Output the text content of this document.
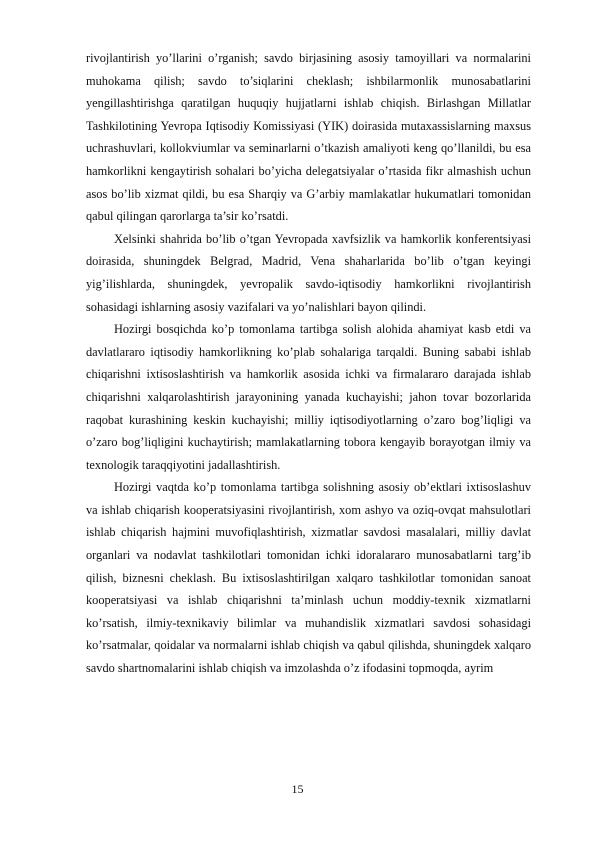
rivojlantirish yo’llarini o’rganish; savdo birjasining asosiy tamoyillari va normalarini muhokama qilish; savdo to’siqlarini cheklash; ishbilarmonlik munosabatlarini yengillashtirishga qaratilgan huquqiy hujjatlarni ishlab chiqish. Birlashgan Millatlar Tashkilotining Yevropa Iqtisodiy Komissiyasi (YIK) doirasida mutaxassislarning maxsus uchrashuvlari, kollokviumlar va seminarlarni o’tkazish amaliyoti keng qo’llanildi, bu esa hamkorlikni kengaytirish sohalari bo’yicha delegatsiyalar o’rtasida fikr almashish uchun asos bo’lib xizmat qildi, bu esa Sharqiy va G’arbiy mamlakatlar hukumatlari tomonidan qabul qilingan qarorlarga ta’sir ko’rsatdi.

Xelsinki shahrida bo’lib o’tgan Yevropada xavfsizlik va hamkorlik konferentsiyasi doirasida, shuningdek Belgrad, Madrid, Vena shaharlarida bo’lib o’tgan keyingi yig’ilishlarda, shuningdek, yevropalik savdo-iqtisodiy hamkorlikni rivojlantirish sohasidagi ishlarning asosiy vazifalari va yo’nalishlari bayon qilindi.

Hozirgi bosqichda ko’p tomonlama tartibga solish alohida ahamiyat kasb etdi va davlatlararo iqtisodiy hamkorlikning ko’plab sohalariga tarqaldi. Buning sababi ishlab chiqarishni ixtisoslashtirish va hamkorlik asosida ichki va firmalararo darajada ishlab chiqarishni xalqarolashtirish jarayonining yanada kuchayishi; jahon tovar bozorlarida raqobat kurashining keskin kuchayishi; milliy iqtisodiyotlarning o’zaro bog’liqligi va o’zaro bog’liqligini kuchaytirish; mamlakatlarning tobora kengayib borayotgan ilmiy va texnologik taraqqiyotini jadallashtirish.

Hozirgi vaqtda ko’p tomonlama tartibga solishning asosiy ob’ektlari ixtisoslashuv va ishlab chiqarish kooperatsiyasini rivojlantirish, xom ashyo va oziq-ovqat mahsulotlari ishlab chiqarish hajmini muvofiqlashtirish, xizmatlar savdosi masalalari, milliy davlat organlari va nodavlat tashkilotlari tomonidan ichki idoralararo munosabatlarni targ’ib qilish, biznesni cheklash. Bu ixtisoslashtirilgan xalqaro tashkilotlar tomonidan sanoat kooperatsiyasi va ishlab chiqarishni ta’minlash uchun moddiy-texnik xizmatlarni ko’rsatish, ilmiy-texnikaviy bilimlar va muhandislik xizmatlari savdosi sohasidagi ko’rsatmalar, qoidalar va normalarni ishlab chiqish va qabul qilishda, shuningdek xalqaro savdo shartnomalarini ishlab chiqish va imzolashda o’z ifodasini topmoqda, ayrim

15
